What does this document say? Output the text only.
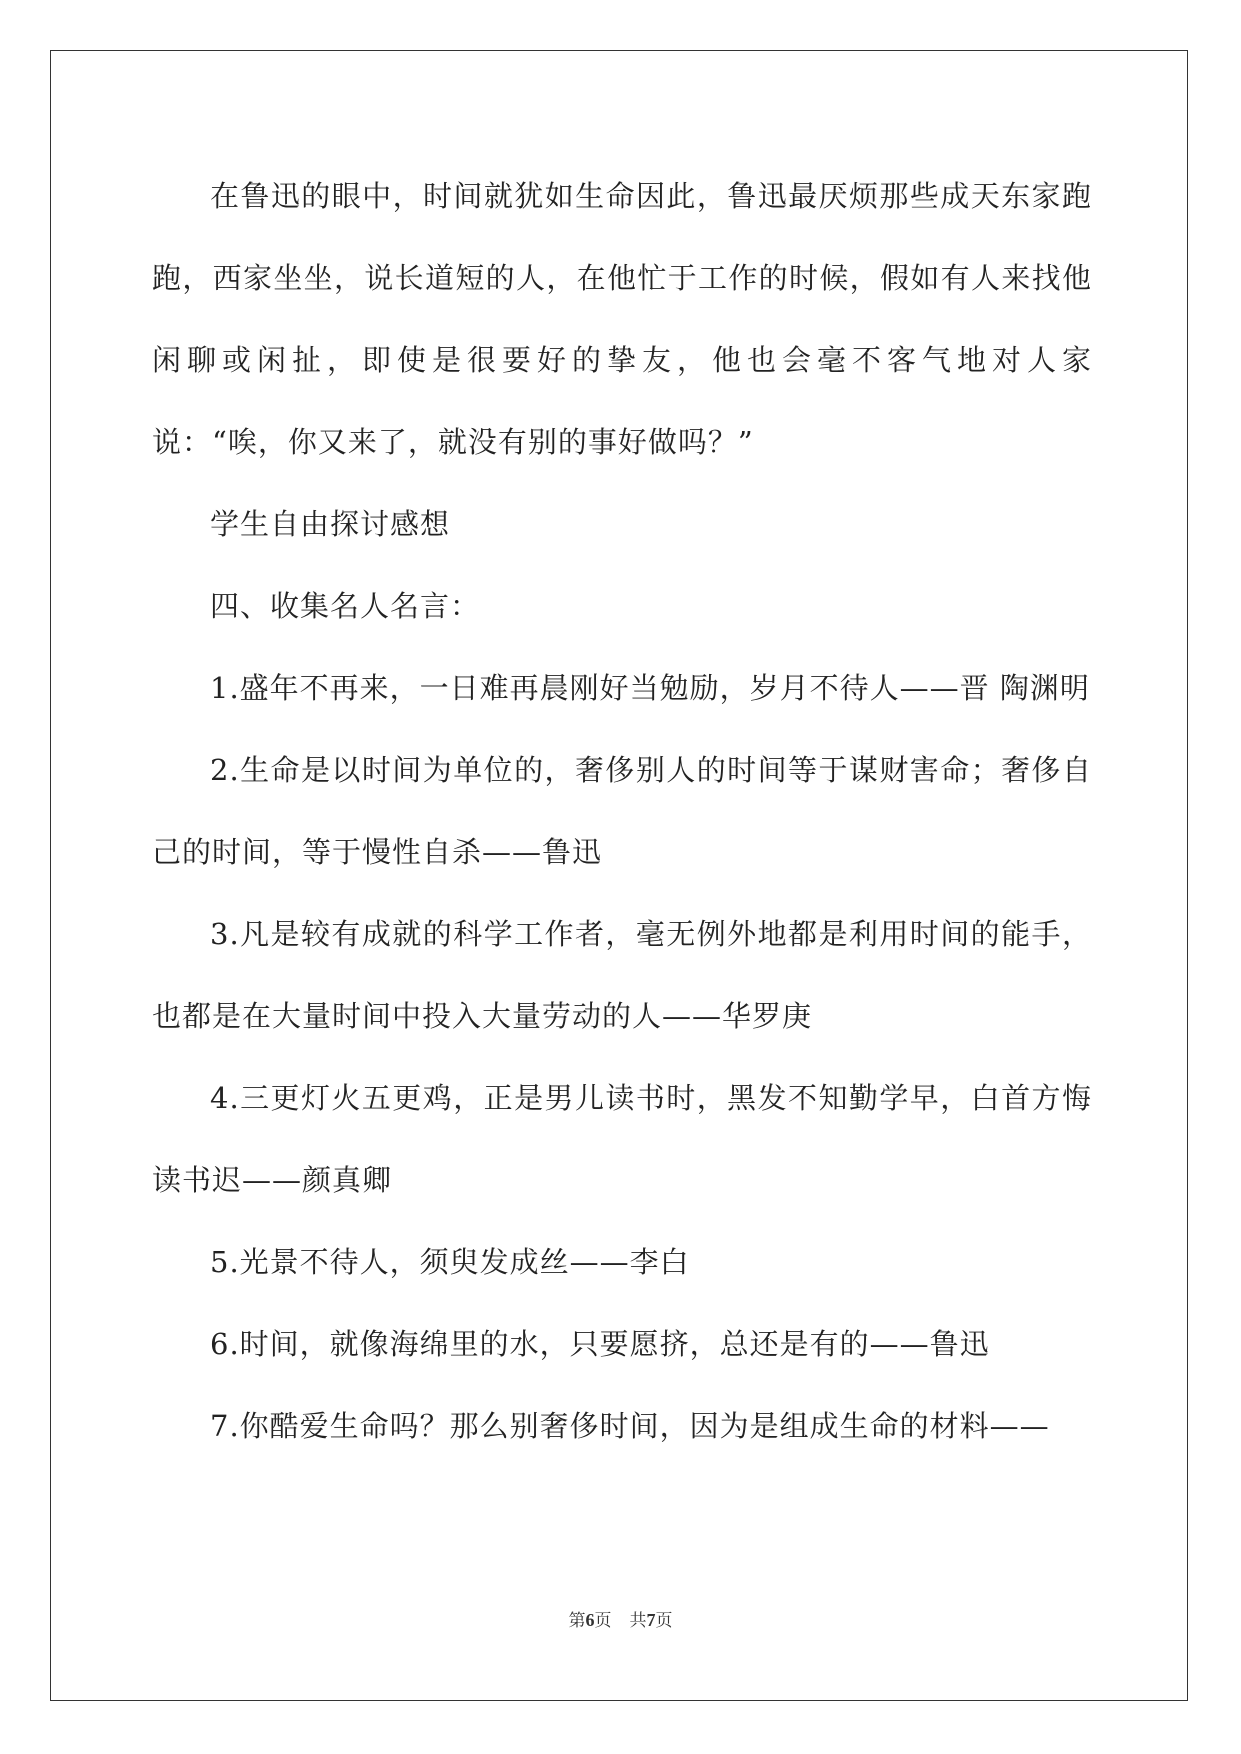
在鲁迅的眼中，时间就犹如生命因此，鲁迅最厌烦那些成天东家跑跑，西家坐坐，说长道短的人，在他忙于工作的时候，假如有人来找他闲聊或闲扯，即使是很要好的挚友，他也会毫不客气地对人家说：“唉，你又来了，就没有别的事好做吗？”

学生自由探讨感想

四、收集名人名言：

1.盛年不再来，一日难再晨刚好当勉励，岁月不待人——晋 陶渊明

2.生命是以时间为单位的，奢侈别人的时间等于谋财害命；奢侈自己的时间，等于慢性自杀——鲁迅

3.凡是较有成就的科学工作者，毫无例外地都是利用时间的能手，也都是在大量时间中投入大量劳动的人——华罗庚

4.三更灯火五更鸡，正是男儿读书时，黑发不知勤学早，白首方悔读书迟——颜真卿

5.光景不待人，须臾发成丝——李白

6.时间，就像海绵里的水，只要愿挤，总还是有的——鲁迅

7.你酷爱生命吗？那么别奢侈时间，因为是组成生命的材料——

第6页 共7页
